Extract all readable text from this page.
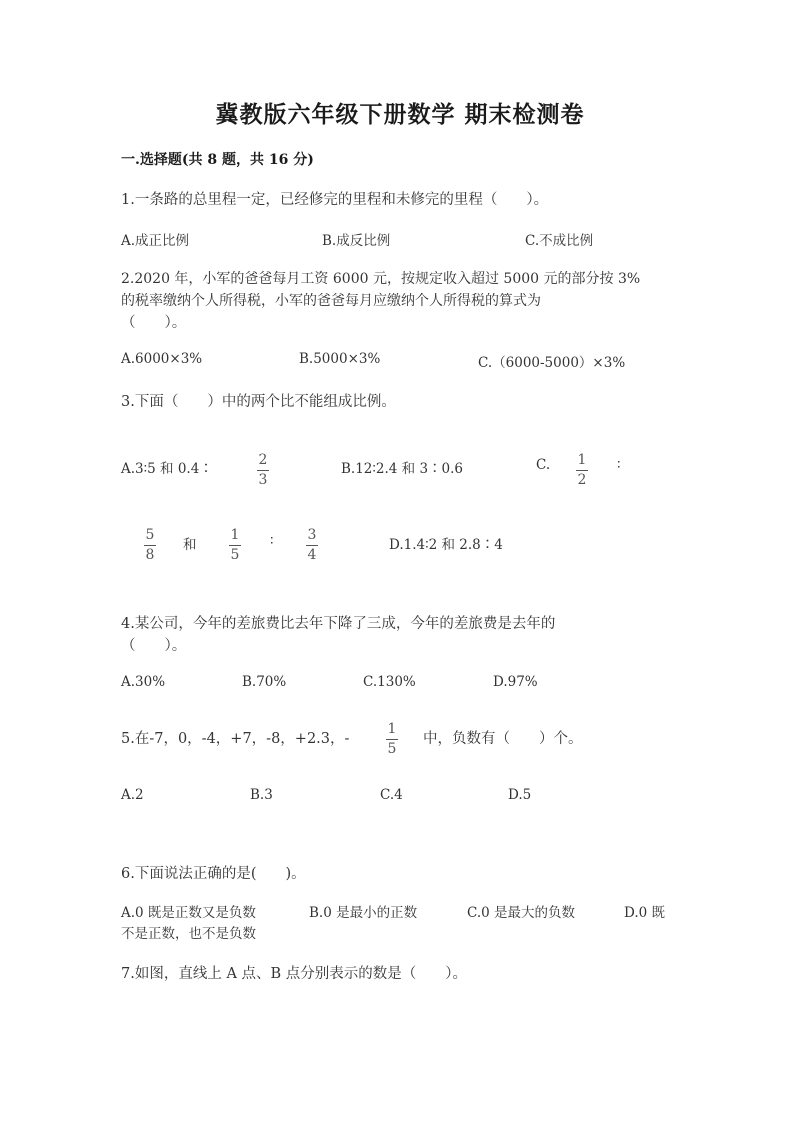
冀教版六年级下册数学 期末检测卷
一.选择题(共 8 题，共 16 分)
1.一条路的总里程一定，已经修完的里程和未修完的里程（　　）。
A.成正比例	B.成反比例	C.不成比例
2.2020 年，小军的爸爸每月工资 6000 元，按规定收入超过 5000 元的部分按 3%
的税率缴纳个人所得税，小军的爸爸每月应缴纳个人所得税的算式为
（　　）。
A.6000×3%	B.5000×3%	C.（6000-5000）×3%
3.下面（　　）中的两个比不能组成比例。
A.3∶5 和 0.4∶
2
3
B.12∶2.4 和 3∶0.6	C. 1
2
∶
5
8
和
1
5
∶ 3
4
D.1.4∶2 和 2.8∶4
4.某公司，今年的差旅费比去年下降了三成，今年的差旅费是去年的
（　　）。
A.30%	B.70%	C.130%	D.97%
5.在-7，0，-4，+7，-8，+2.3，-
1
5
中，负数有（　　）个。
A.2	B.3	C.4	D.5
6.下面说法正确的是(　　)。
A.0 既是正数又是负数	B.0 是最小的正数	C.0 是最大的负数	D.0 既
不是正数，也不是负数
7.如图，直线上 A 点、B 点分别表示的数是（　　）。
